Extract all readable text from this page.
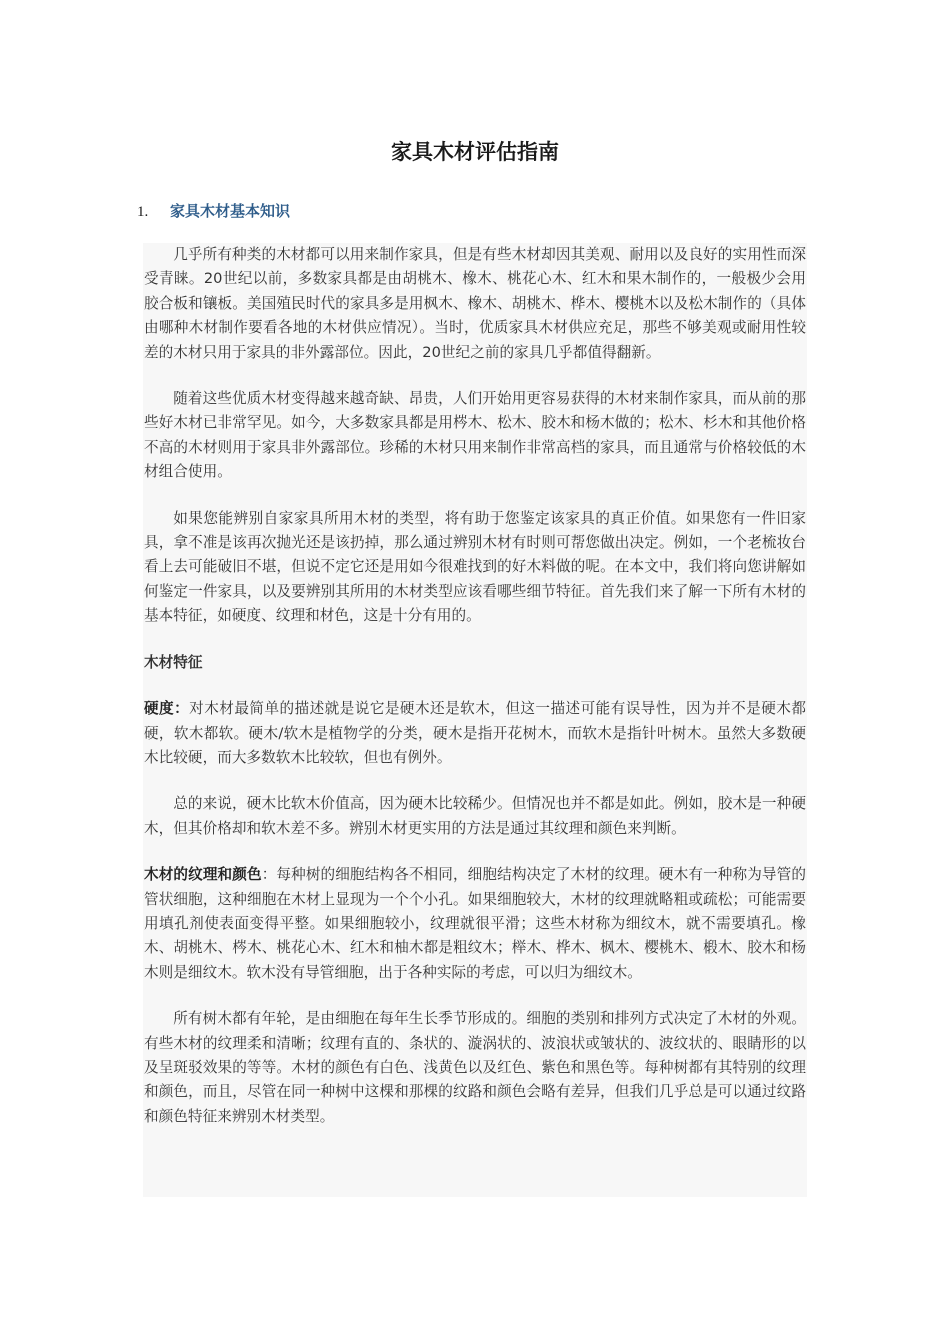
家具木材评估指南
1. 家具木材基本知识

几乎所有种类的木材都可以用来制作家具，但是有些木材却因其美观、耐用以及良好的实用性而深受青睐。20世纪以前，多数家具都是由胡桃木、橡木、桃花心木、红木和果木制作的，一般极少会用胶合板和镶板。美国殖民时代的家具多是用枫木、橡木、胡桃木、桦木、樱桃木以及松木制作的（具体由哪种木材制作要看各地的木材供应情况）。当时，优质家具木材供应充足，那些不够美观或耐用性较差的木材只用于家具的非外露部位。因此，20世纪之前的家具几乎都值得翻新。

随着这些优质木材变得越来越奇缺、昂贵，人们开始用更容易获得的木材来制作家具，而从前的那些好木材已非常罕见。如今，大多数家具都是用梣木、松木、胶木和杨木做的；松木、杉木和其他价格不高的木材则用于家具非外露部位。珍稀的木材只用来制作非常高档的家具，而且通常与价格较低的木材组合使用。

如果您能辨别自家家具所用木材的类型，将有助于您鉴定该家具的真正价值。如果您有一件旧家具，拿不准是该再次抛光还是该扔掉，那么通过辨别木材有时则可帮您做出决定。例如，一个老梳妆台看上去可能破旧不堪，但说不定它还是用如今很难找到的好木料做的呢。在本文中，我们将向您讲解如何鉴定一件家具，以及要辨别其所用的木材类型应该看哪些细节特征。首先我们来了解一下所有木材的基本特征，如硬度、纹理和材色，这是十分有用的。

木材特征

硬度：对木材最简单的描述就是说它是硬木还是软木，但这一描述可能有误导性，因为并不是硬木都硬，软木都软。硬木/软木是植物学的分类，硬木是指开花树木，而软木是指针叶树木。虽然大多数硬木比较硬，而大多数软木比较软，但也有例外。

总的来说，硬木比软木价值高，因为硬木比较稀少。但情况也并不都是如此。例如，胶木是一种硬木，但其价格却和软木差不多。辨别木材更实用的方法是通过其纹理和颜色来判断。

木材的纹理和颜色：每种树的细胞结构各不相同，细胞结构决定了木材的纹理。硬木有一种称为导管的管状细胞，这种细胞在木材上显现为一个个小孔。如果细胞较大，木材的纹理就略粗或疏松；可能需要用填孔剂使表面变得平整。如果细胞较小，纹理就很平滑；这些木材称为细纹木，就不需要填孔。橡木、胡桃木、梣木、桃花心木、红木和柚木都是粗纹木；榉木、桦木、枫木、樱桃木、椴木、胶木和杨木则是细纹木。软木没有导管细胞，出于各种实际的考虑，可以归为细纹木。

所有树木都有年轮，是由细胞在每年生长季节形成的。细胞的类别和排列方式决定了木材的外观。有些木材的纹理柔和清晰；纹理有直的、条状的、漩涡状的、波浪状或皱状的、波纹状的、眼睛形的以及呈斑驳效果的等等。木材的颜色有白色、浅黄色以及红色、紫色和黑色等。每种树都有其特别的纹理和颜色，而且，尽管在同一种树中这棵和那棵的纹路和颜色会略有差异，但我们几乎总是可以通过纹路和颜色特征来辨别木材类型。
